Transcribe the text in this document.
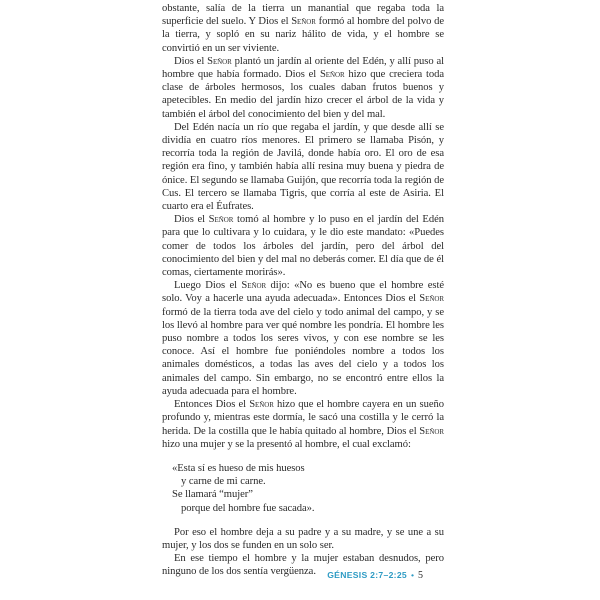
obstante, salía de la tierra un manantial que regaba toda la superficie del suelo. Y Dios el Señor formó al hombre del polvo de la tierra, y sopló en su nariz hálito de vida, y el hombre se convirtió en un ser viviente.

Dios el Señor plantó un jardín al oriente del Edén, y allí puso al hombre que había formado. Dios el Señor hizo que creciera toda clase de árboles hermosos, los cuales daban frutos buenos y apetecibles. En medio del jardín hizo crecer el árbol de la vida y también el árbol del conocimiento del bien y del mal.

Del Edén nacía un río que regaba el jardín, y que desde allí se dividía en cuatro ríos menores. El primero se llamaba Pisón, y recorría toda la región de Javilá, donde había oro. El oro de esa región era fino, y también había allí resina muy buena y piedra de ónice. El segundo se llamaba Guijón, que recorría toda la región de Cus. El tercero se llamaba Tigris, que corría al este de Asiria. El cuarto era el Éufrates.

Dios el Señor tomó al hombre y lo puso en el jardín del Edén para que lo cultivara y lo cuidara, y le dio este mandato: «Puedes comer de todos los árboles del jardín, pero del árbol del conocimiento del bien y del mal no deberás comer. El día que de él comas, ciertamente morirás».

Luego Dios el Señor dijo: «No es bueno que el hombre esté solo. Voy a hacerle una ayuda adecuada». Entonces Dios el Señor formó de la tierra toda ave del cielo y todo animal del campo, y se los llevó al hombre para ver qué nombre les pondría. El hombre les puso nombre a todos los seres vivos, y con ese nombre se les conoce. Así el hombre fue poniéndoles nombre a todos los animales domésticos, a todas las aves del cielo y a todos los animales del campo. Sin embargo, no se encontró entre ellos la ayuda adecuada para el hombre.

Entonces Dios el Señor hizo que el hombre cayera en un sueño profundo y, mientras este dormía, le sacó una costilla y le cerró la herida. De la costilla que le había quitado al hombre, Dios el Señor hizo una mujer y se la presentó al hombre, el cual exclamó:

«Esta sí es hueso de mis huesos
y carne de mi carne.
Se llamará “mujer”
porque del hombre fue sacada».

Por eso el hombre deja a su padre y a su madre, y se une a su mujer, y los dos se funden en un solo ser.

En ese tiempo el hombre y la mujer estaban desnudos, pero ninguno de los dos sentía vergüenza.	GÉNESIS 2:7–2:25 • 5
